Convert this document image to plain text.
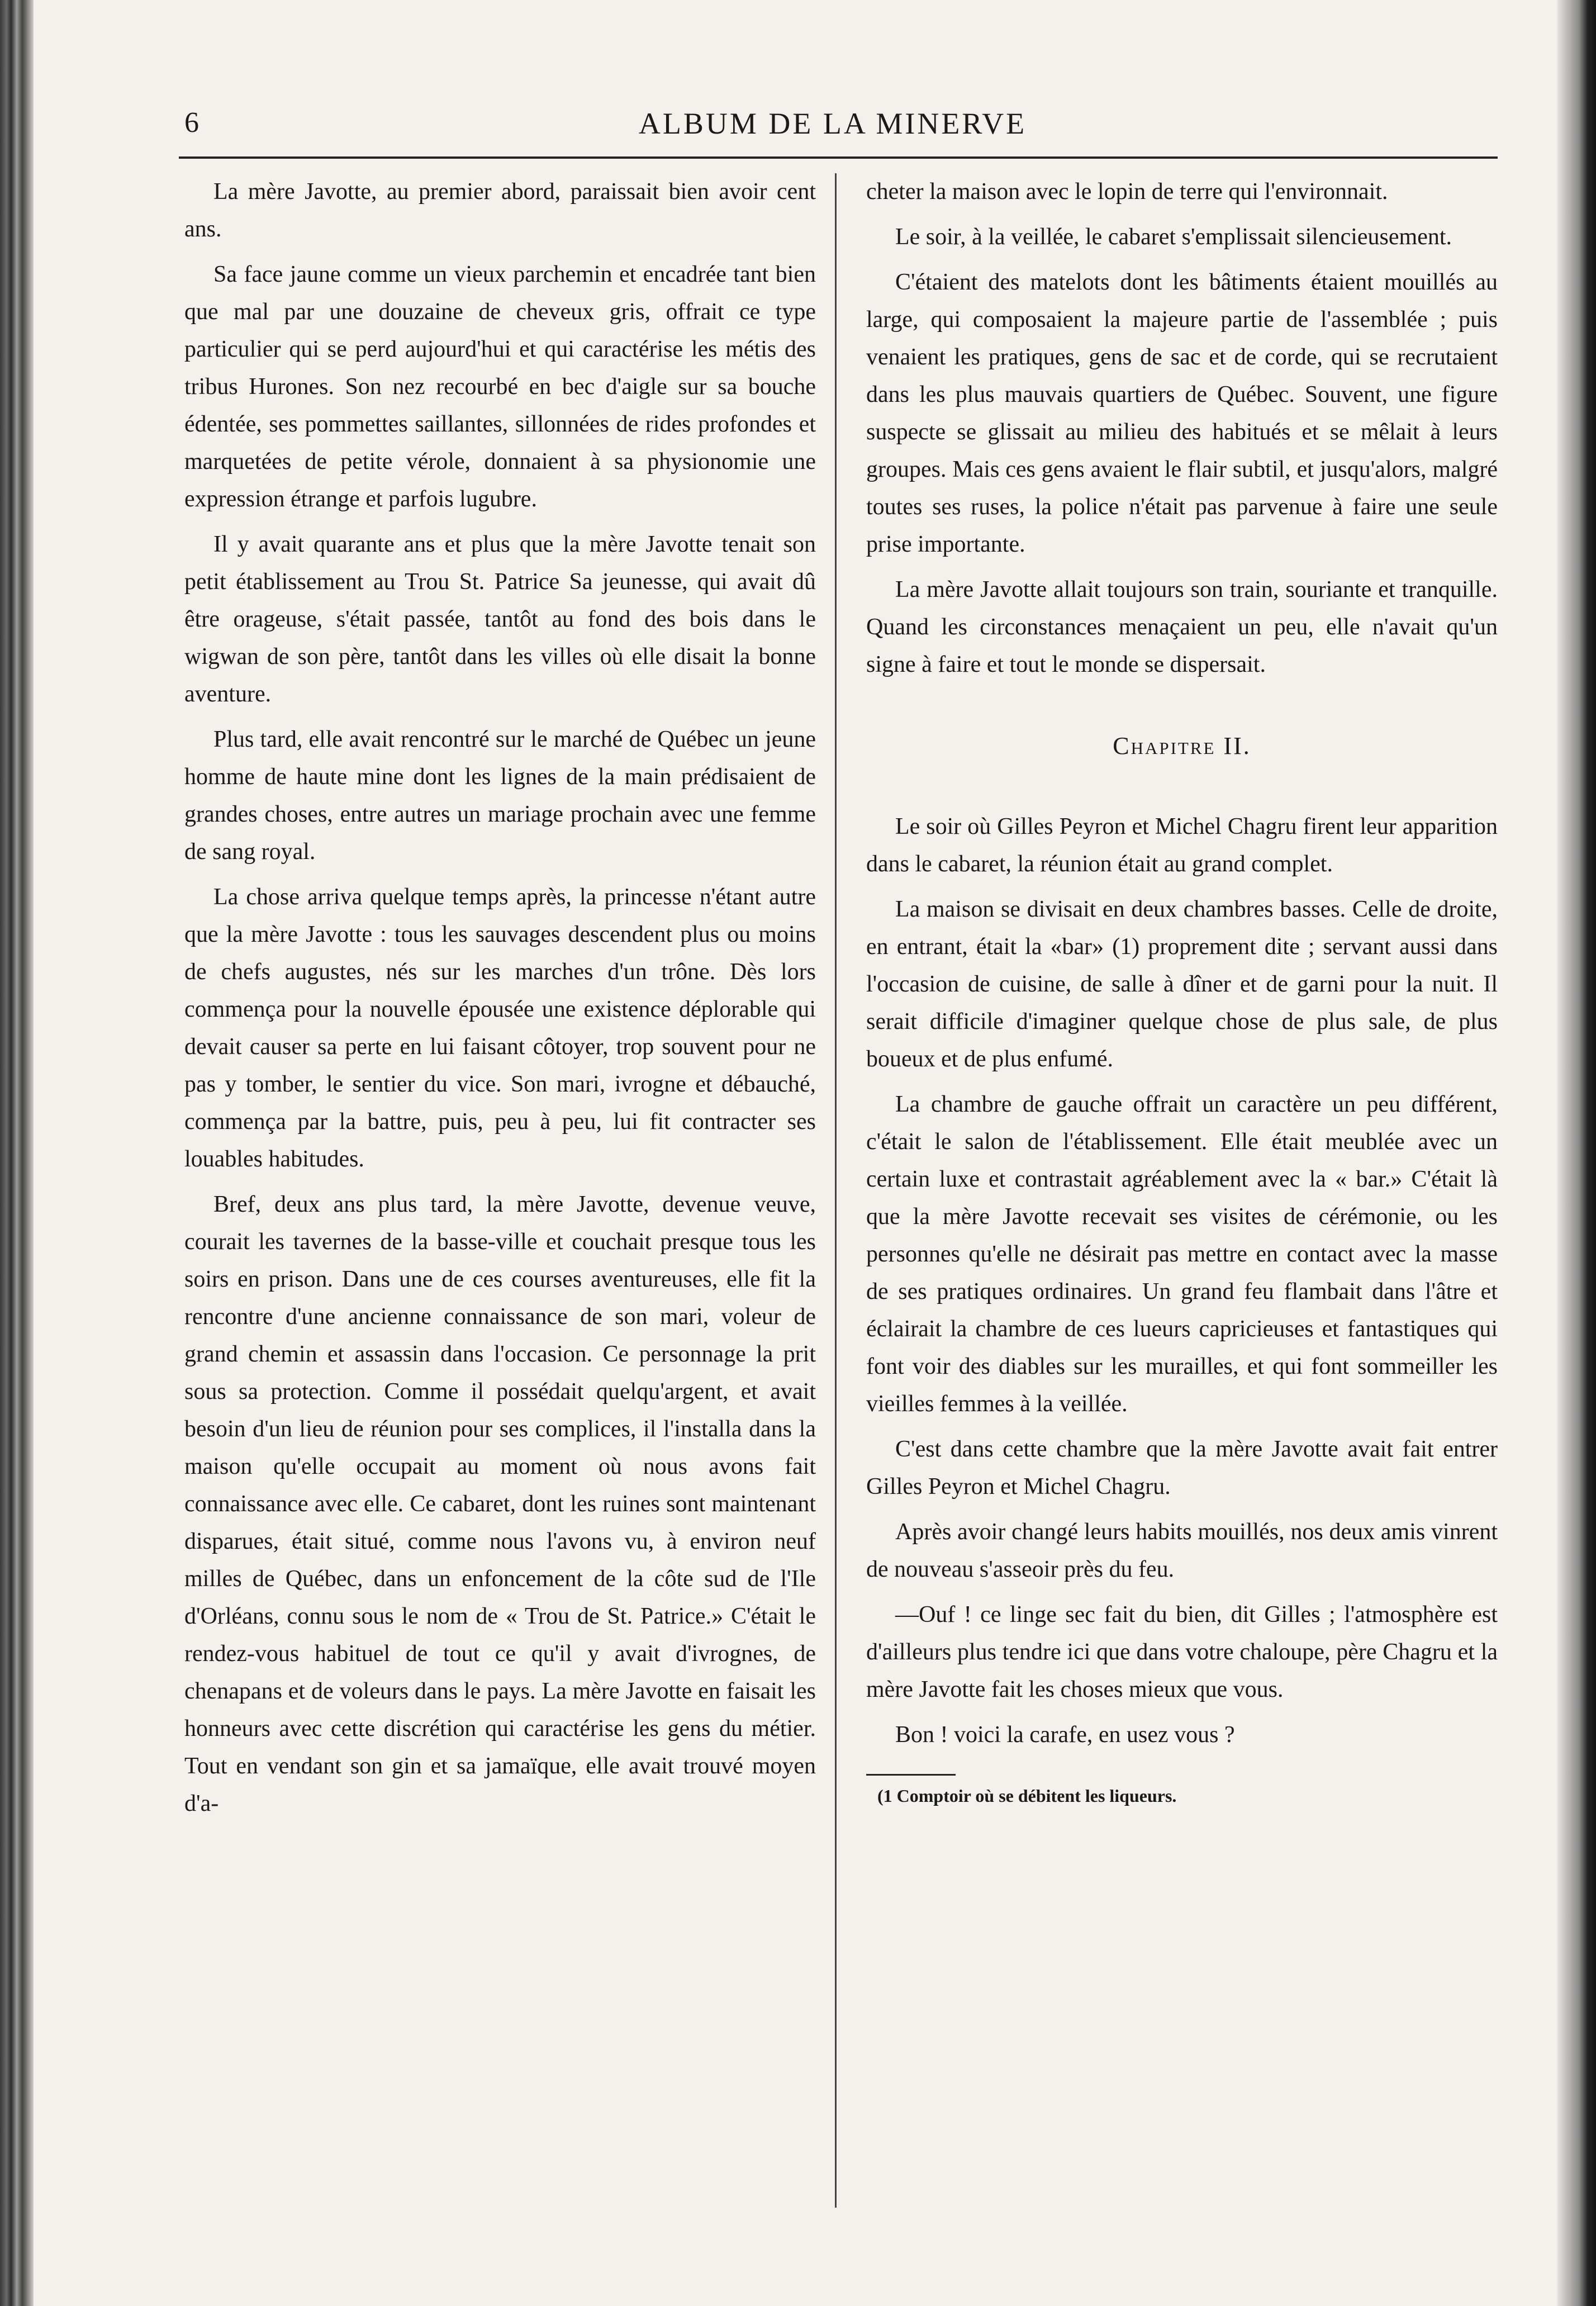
6	ALBUM DE LA MINERVE

La mère Javotte, au premier abord, paraissait bien avoir cent ans.

Sa face jaune comme un vieux parchemin et encadrée tant bien que mal par une douzaine de cheveux gris, offrait ce type particulier qui se perd aujourd'hui et qui caractérise les métis des tribus Hurones. Son nez recourbé en bec d'aigle sur sa bouche édentée, ses pommettes saillantes, sillonnées de rides profondes et marquetées de petite vérole, donnaient à sa physionomie une expression étrange et parfois lugubre.

Il y avait quarante ans et plus que la mère Javotte tenait son petit établissement au Trou St. Patrice Sa jeunesse, qui avait dû être orageuse, s'était passée, tantôt au fond des bois dans le wigwan de son père, tantôt dans les villes où elle disait la bonne aventure.

Plus tard, elle avait rencontré sur le marché de Québec un jeune homme de haute mine dont les lignes de la main prédisaient de grandes choses, entre autres un mariage prochain avec une femme de sang royal.

La chose arriva quelque temps après, la princesse n'étant autre que la mère Javotte : tous les sauvages descendent plus ou moins de chefs augustes, nés sur les marches d'un trône. Dès lors commença pour la nouvelle épousée une existence déplorable qui devait causer sa perte en lui faisant côtoyer, trop souvent pour ne pas y tomber, le sentier du vice. Son mari, ivrogne et débauché, commença par la battre, puis, peu à peu, lui fit contracter ses louables habitudes.

Bref, deux ans plus tard, la mère Javotte, devenue veuve, courait les tavernes de la basse-ville et couchait presque tous les soirs en prison. Dans une de ces courses aventureuses, elle fit la rencontre d'une ancienne connaissance de son mari, voleur de grand chemin et assassin dans l'occasion. Ce personnage la prit sous sa protection. Comme il possédait quelqu'argent, et avait besoin d'un lieu de réunion pour ses complices, il l'installa dans la maison qu'elle occupait au moment où nous avons fait connaissance avec elle. Ce cabaret, dont les ruines sont maintenant disparues, était situé, comme nous l'avons vu, à environ neuf milles de Québec, dans un enfoncement de la côte sud de l'Ile d'Orléans, connu sous le nom de « Trou de St. Patrice.» C'était le rendez-vous habituel de tout ce qu'il y avait d'ivrognes, de chenapans et de voleurs dans le pays. La mère Javotte en faisait les honneurs avec cette discrétion qui caractérise les gens du métier. Tout en vendant son gin et sa jamaïque, elle avait trouvé moyen d'a-

cheter la maison avec le lopin de terre qui l'environnait.

Le soir, à la veillée, le cabaret s'emplissait silencieusement.

C'étaient des matelots dont les bâtiments étaient mouillés au large, qui composaient la majeure partie de l'assemblée ; puis venaient les pratiques, gens de sac et de corde, qui se recrutaient dans les plus mauvais quartiers de Québec. Souvent, une figure suspecte se glissait au milieu des habitués et se mêlait à leurs groupes. Mais ces gens avaient le flair subtil, et jusqu'alors, malgré toutes ses ruses, la police n'était pas parvenue à faire une seule prise importante.

La mère Javotte allait toujours son train, souriante et tranquille. Quand les circonstances menaçaient un peu, elle n'avait qu'un signe à faire et tout le monde se dispersait.

Chapitre II.

Le soir où Gilles Peyron et Michel Chagru firent leur apparition dans le cabaret, la réunion était au grand complet.

La maison se divisait en deux chambres basses. Celle de droite, en entrant, était la «bar» (1) proprement dite ; servant aussi dans l'occasion de cuisine, de salle à dîner et de garni pour la nuit. Il serait difficile d'imaginer quelque chose de plus sale, de plus boueux et de plus enfumé.

La chambre de gauche offrait un caractère un peu différent, c'était le salon de l'établissement. Elle était meublée avec un certain luxe et contrastait agréablement avec la « bar.» C'était là que la mère Javotte recevait ses visites de cérémonie, ou les personnes qu'elle ne désirait pas mettre en contact avec la masse de ses pratiques ordinaires. Un grand feu flambait dans l'âtre et éclairait la chambre de ces lueurs capricieuses et fantastiques qui font voir des diables sur les murailles, et qui font sommeiller les vieilles femmes à la veillée.

C'est dans cette chambre que la mère Javotte avait fait entrer Gilles Peyron et Michel Chagru.

Après avoir changé leurs habits mouillés, nos deux amis vinrent de nouveau s'asseoir près du feu.

—Ouf ! ce linge sec fait du bien, dit Gilles ; l'atmosphère est d'ailleurs plus tendre ici que dans votre chaloupe, père Chagru et la mère Javotte fait les choses mieux que vous.

Bon ! voici la carafe, en usez vous ?

(1 Comptoir où se débitent les liqueurs.
